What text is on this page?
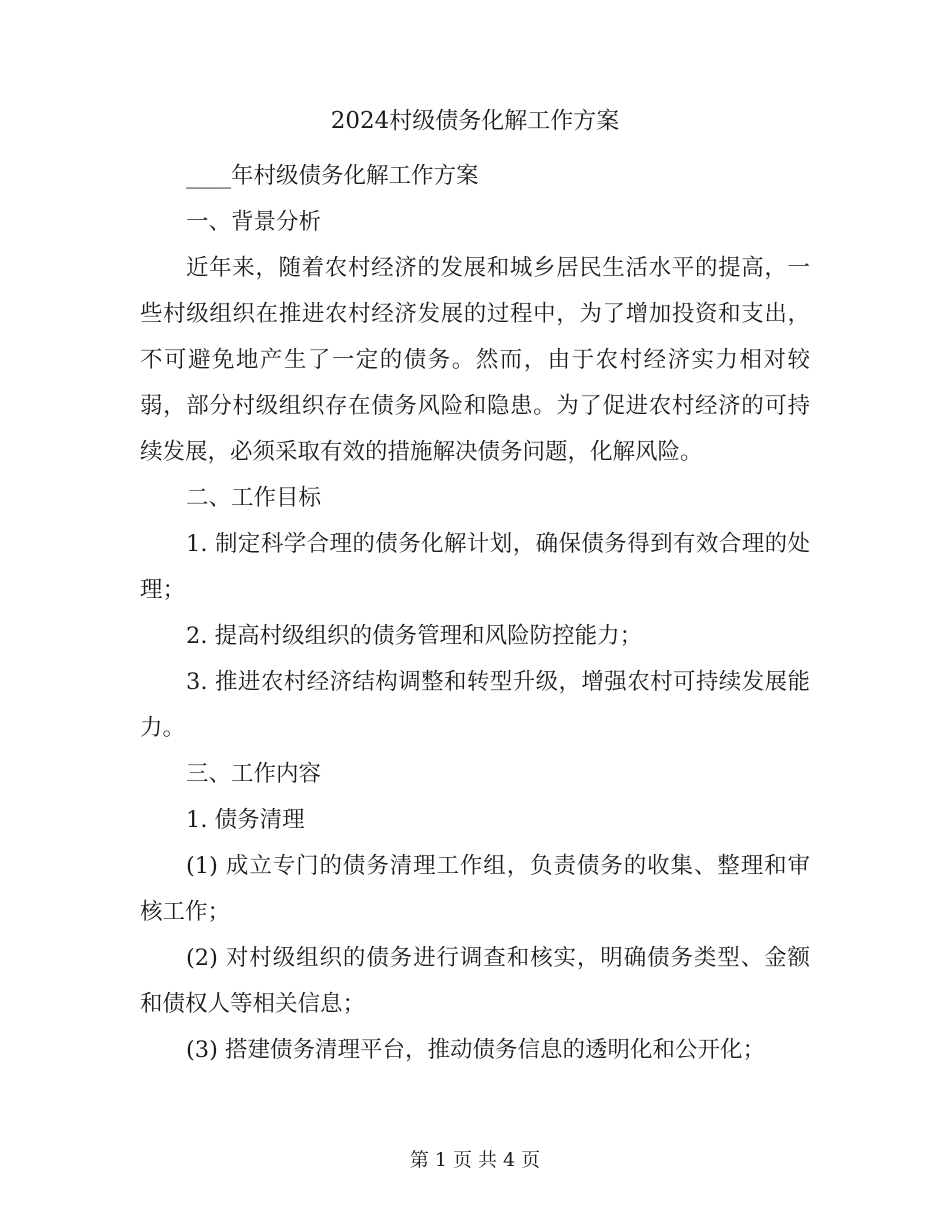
2024村级债务化解工作方案

____年村级债务化解工作方案

一、背景分析

近年来，随着农村经济的发展和城乡居民生活水平的提高，一些村级组织在推进农村经济发展的过程中，为了增加投资和支出，不可避免地产生了一定的债务。然而，由于农村经济实力相对较弱，部分村级组织存在债务风险和隐患。为了促进农村经济的可持续发展，必须采取有效的措施解决债务问题，化解风险。

二、工作目标

1. 制定科学合理的债务化解计划，确保债务得到有效合理的处理；

2. 提高村级组织的债务管理和风险防控能力；

3. 推进农村经济结构调整和转型升级，增强农村可持续发展能力。

三、工作内容

1. 债务清理

(1) 成立专门的债务清理工作组，负责债务的收集、整理和审核工作；

(2) 对村级组织的债务进行调查和核实，明确债务类型、金额和债权人等相关信息；

(3) 搭建债务清理平台，推动债务信息的透明化和公开化；

第 1 页 共 4 页
